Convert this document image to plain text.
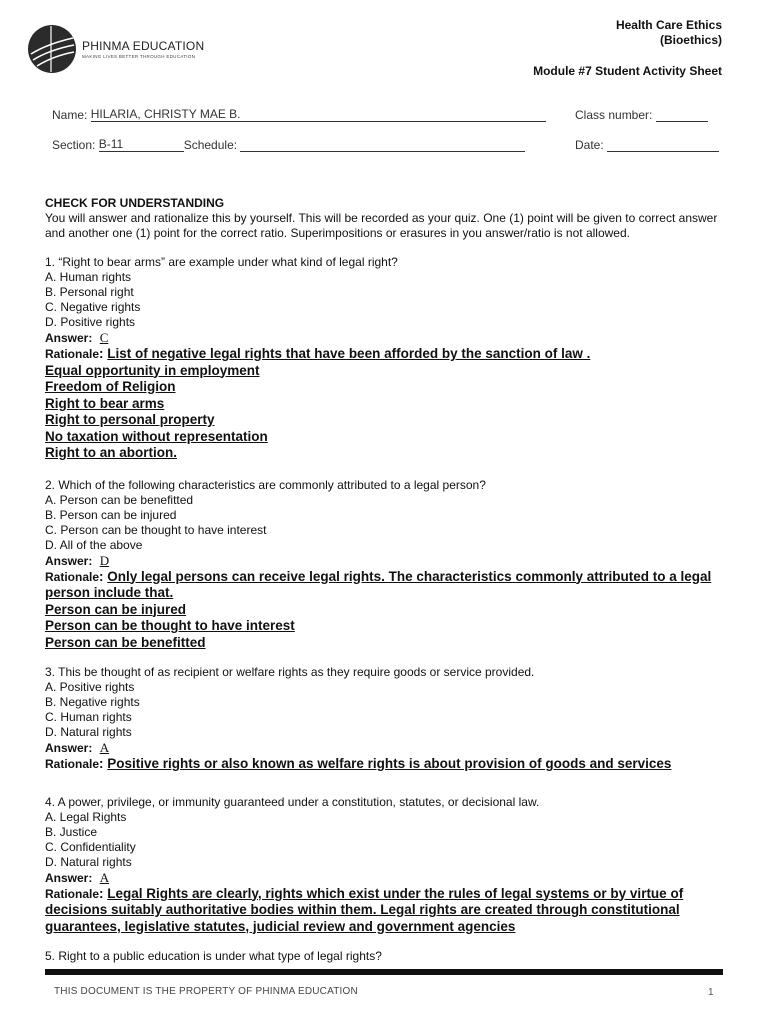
PHINMA EDUCATION
MAKING LIVES BETTER THROUGH EDUCATION
Health Care Ethics
(Bioethics)
Module #7 Student Activity Sheet
Name: HILARIA, CHRISTY MAE B.	Class number:
Section: B-11	Schedule:	Date:

CHECK FOR UNDERSTANDING

You will answer and rationalize this by yourself. This will be recorded as your quiz. One (1) point will be given to correct answer and another one (1) point for the correct ratio. Superimpositions or erasures in you answer/ratio is not allowed.

1. “Right to bear arms” are example under what kind of legal right?

A. Human rights

B. Personal right

C. Negative rights

D. Positive rights

Answer: C

Rationale: List of negative legal rights that have been afforded by the sanction of law .
Equal opportunity in employment
Freedom of Religion
Right to bear arms
Right to personal property
No taxation without representation
Right to an abortion.

2. Which of the following characteristics are commonly attributed to a legal person?

A. Person can be benefitted

B. Person can be injured

C. Person can be thought to have interest

D. All of the above

Answer: D

Rationale: Only legal persons can receive legal rights. The characteristics commonly attributed to a legal person include that.
Person can be injured
Person can be thought to have interest
Person can be benefitted

3. This be thought of as recipient or welfare rights as they require goods or service provided.

A. Positive rights

B. Negative rights

C. Human rights

D. Natural rights

Answer: A

Rationale: Positive rights or also known as welfare rights is about provision of goods and services

4. A power, privilege, or immunity guaranteed under a constitution, statutes, or decisional law.

A. Legal Rights

B. Justice

C. Confidentiality

D. Natural rights

Answer: A

Rationale: Legal Rights are clearly, rights which exist under the rules of legal systems or by virtue of decisions suitably authoritative bodies within them. Legal rights are created through constitutional guarantees, legislative statutes, judicial review and government agencies

5. Right to a public education is under what type of legal rights?

THIS DOCUMENT IS THE PROPERTY OF PHINMA EDUCATION	1
